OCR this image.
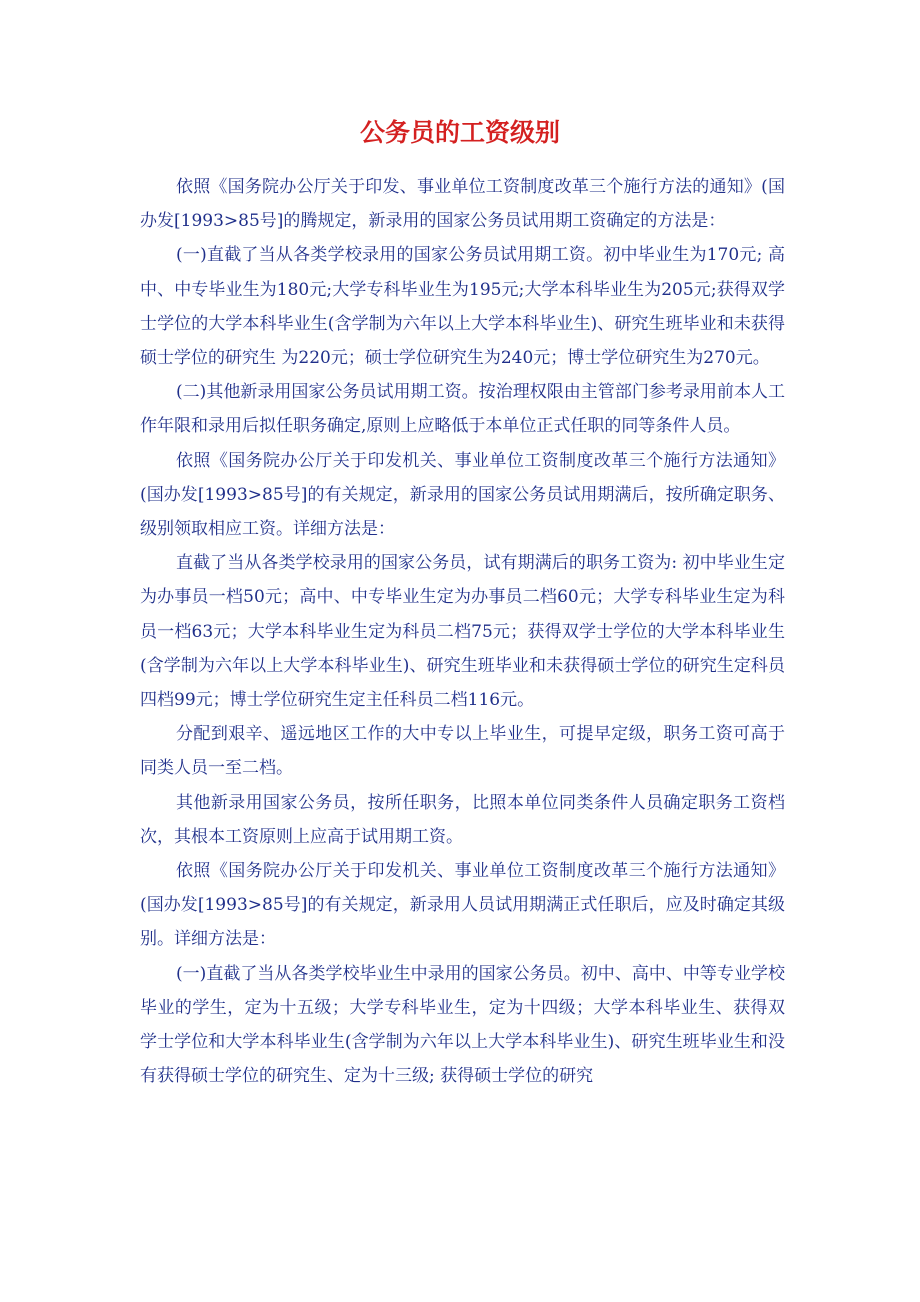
公务员的工资级别

依照《国务院办公厅关于印发、事业单位工资制度改革三个施行方法的通知》(国办发[1993>85号]的腾规定，新录用的国家公务员试用期工资确定的方法是：

(一)直截了当从各类学校录用的国家公务员试用期工资。初中毕业生为170元; 高中、中专毕业生为180元;大学专科毕业生为195元;大学本科毕业生为205元;获得双学士学位的大学本科毕业生(含学制为六年以上大学本科毕业生)、研究生班毕业和未获得硕士学位的研究生 为220元；硕士学位研究生为240元；博士学位研究生为270元。

(二)其他新录用国家公务员试用期工资。按治理权限由主管部门参考录用前本人工作年限和录用后拟任职务确定,原则上应略低于本单位正式任职的同等条件人员。

依照《国务院办公厅关于印发机关、事业单位工资制度改革三个施行方法通知》(国办发[1993>85号]的有关规定，新录用的国家公务员试用期满后，按所确定职务、级别领取相应工资。详细方法是：

直截了当从各类学校录用的国家公务员，试有期满后的职务工资为: 初中毕业生定为办事员一档50元；高中、中专毕业生定为办事员二档60元；大学专科毕业生定为科员一档63元；大学本科毕业生定为科员二档75元；获得双学士学位的大学本科毕业生(含学制为六年以上大学本科毕业生)、研究生班毕业和未获得硕士学位的研究生定科员四档99元；博士学位研究生定主任科员二档116元。

分配到艰辛、遥远地区工作的大中专以上毕业生，可提早定级，职务工资可高于同类人员一至二档。

其他新录用国家公务员，按所任职务，比照本单位同类条件人员确定职务工资档次，其根本工资原则上应高于试用期工资。

依照《国务院办公厅关于印发机关、事业单位工资制度改革三个施行方法通知》(国办发[1993>85号]的有关规定，新录用人员试用期满正式任职后，应及时确定其级别。详细方法是：

(一)直截了当从各类学校毕业生中录用的国家公务员。初中、高中、中等专业学校毕业的学生，定为十五级；大学专科毕业生，定为十四级；大学本科毕业生、获得双学士学位和大学本科毕业生(含学制为六年以上大学本科毕业生)、研究生班毕业生和没有获得硕士学位的研究生、定为十三级; 获得硕士学位的研究
